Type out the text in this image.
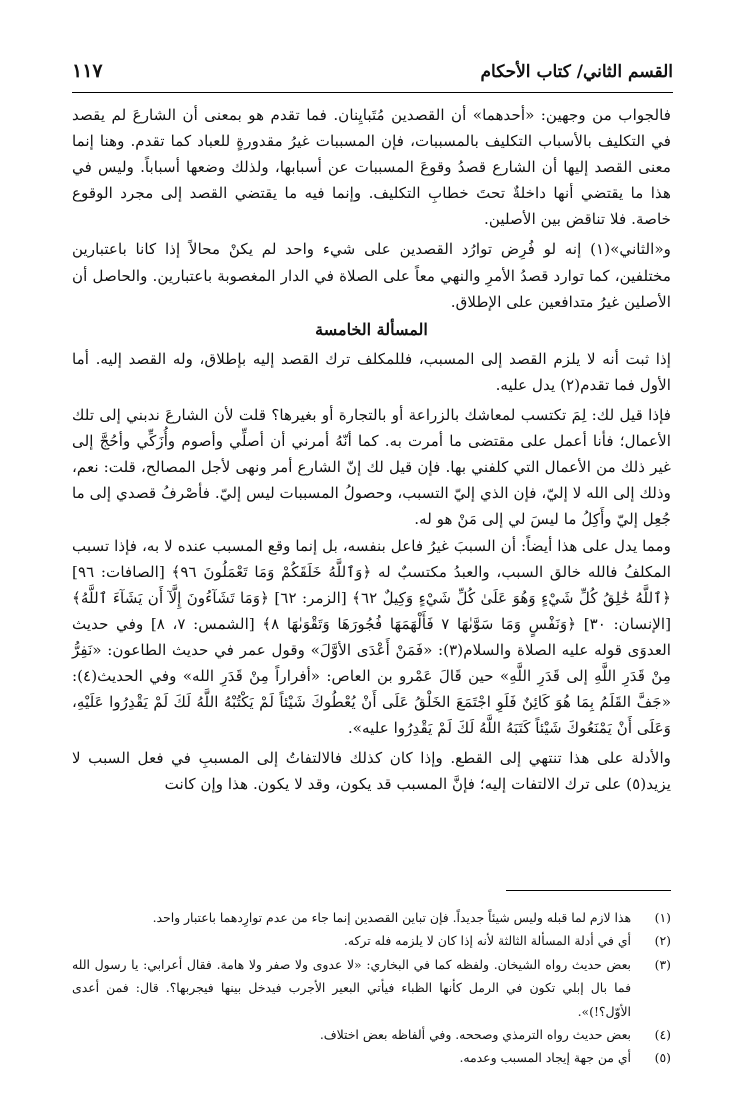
القسم الثاني/ كتاب الأحكام
١١٧

فالجواب من وجهين: «أحدهما» أن القصدين مُتَبايِنان. فما تقدم هو بمعنى أن الشارعَ لم يقصد في التكليف بالأسباب التكليف بالمسببات، فإن المسببات غيرُ مقدورةٍ للعباد كما تقدم. وهنا إنما معنى القصد إليها أن الشارع قصدُ وقوعَ المسببات عن أسبابها، ولذلك وضعها أسباباً. وليس في هذا ما يقتضي أنها داخلةٌ تحتَ خطابِ التكليف. وإنما فيه ما يقتضي القصد إلى مجرد الوقوع خاصة. فلا تناقض بين الأصلين.

و«الثاني»(١) إنه لو فُرِض توارُد القصدين على شيء واحد لم يكنْ محالاً إذا كانا باعتبارين مختلفين، كما توارد قصدُ الأمرِ والنهي معاً على الصلاة في الدار المغصوبة باعتبارين. والحاصل أن الأصلين غيرُ متدافعين على الإطلاق.

المسألة الخامسة

إذا ثبت أنه لا يلزم القصد إلى المسبب، فللمكلف ترك القصد إليه بإطلاق، وله القصد إليه. أما الأول فما تقدم(٢) يدل عليه.

فإذا قيل لك: لِمَ تكتسب لمعاشك بالزراعة أو بالتجارة أو بغيرها؟ قلت لأن الشارعَ ندبني إلى تلك الأعمال؛ فأنا أعمل على مقتضى ما أمرت به. كما أنّهُ أمرني أن أصلِّي وأصوم وأُزَكِّي وأحُجَّ إلى غير ذلك من الأعمال التي كلفني بها. فإن قيل لك إنّ الشارع أمر ونهى لأجل المصالح، قلت: نعم، وذلك إلى الله لا إليّ، فإن الذي إليّ التسبب، وحصولُ المسببات ليس إليّ. فأصْرفُ قصدي إلى ما جُعِل إليّ وأَكِلُ ما ليسَ لي إلى مَنْ هو له.

ومما يدل على هذا أيضاً: أن السببَ غيرُ فاعل بنفسه، بل إنما وقع المسبب عنده لا به، فإذا تسبب المكلفُ فالله خالق السبب، والعبدُ مكتسبٌ له ﴿وَٱللَّهُ خَلَقَكُمْ وَمَا تَعْمَلُونَ ٩٦﴾ [الصافات: ٩٦] ﴿ٱللَّهُ خَٰلِقُ كُلِّ شَيْءٍ وَهُوَ عَلَىٰ كُلِّ شَيْءٍ وَكِيلٌ ٦٢﴾ [الزمر: ٦٢] ﴿وَمَا تَشَآءُونَ إِلَّآ أَن يَشَآءَ ٱللَّهُ﴾ [الإنسان: ٣٠] ﴿وَنَفْسٍ وَمَا سَوَّىٰهَا ٧ فَأَلْهَمَهَا فُجُورَهَا وَتَقْوَىٰهَا ٨﴾ [الشمس: ٧، ٨] وفي حديث العدوَى قوله عليه الصلاة والسلام(٣): «فَمَنْ أَعْدَى الأوَّلَ» وقول عمر في حديث الطاعون: «نَفِرُّ مِنْ قَدَرِ اللَّهِ إلى قَدَرِ اللَّهِ» حين قَالَ عَمْرو بن العاص: «أفراراً مِنْ قَدَرِ الله» وفي الحديث(٤): «جَفَّ القَلَمُ بِمَا هُوَ كَائِنٌ فَلَوِ اجْتَمَعَ الخَلْقُ عَلَى أَنْ يُعْطُوكَ شَيْئاً لَمْ يَكْتُبْهُ اللَّهُ لَكَ لَمْ يَقْدِرُوا عَلَيْهِ، وَعَلَى أَنْ يَمْنَعُوكَ شَيْئاً كَتَبَهُ اللَّهُ لَكَ لَمْ يَقْدِرُوا عليه».

والأدلة على هذا تنتهي إلى القطع. وإذا كان كذلك فالالتفاتُ إلى المسببِ في فعل السبب لا يزيد(٥) على ترك الالتفات إليه؛ فإنَّ المسبب قد يكون، وقد لا يكون. هذا وإن كانت

(١)
هذا لازم لما قبله وليس شيئاً جديداً. فإن تباين القصدين إنما جاء من عدم توارِدهما باعتبار واحد.
(٢)
أي في أدلة المسألة الثالثة لأنه إذا كان لا يلزمه فله تركه.
(٣)
بعض حديث رواه الشيخان. ولفظه كما في البخاري: «لا عدوى ولا صفر ولا هامة. فقال أعرابي: يا رسول الله فما بال إبلي تكون في الرمل كأنها الظباء فيأتي البعير الأجرب فيدخل بينها فيجربها؟. قال: فمن أعدى الأوّل؟!)».
(٤)
بعض حديث رواه الترمذي وصححه. وفي ألفاظه بعض اختلاف.
(٥)
أي من جهة إيجاد المسبب وعدمه.
